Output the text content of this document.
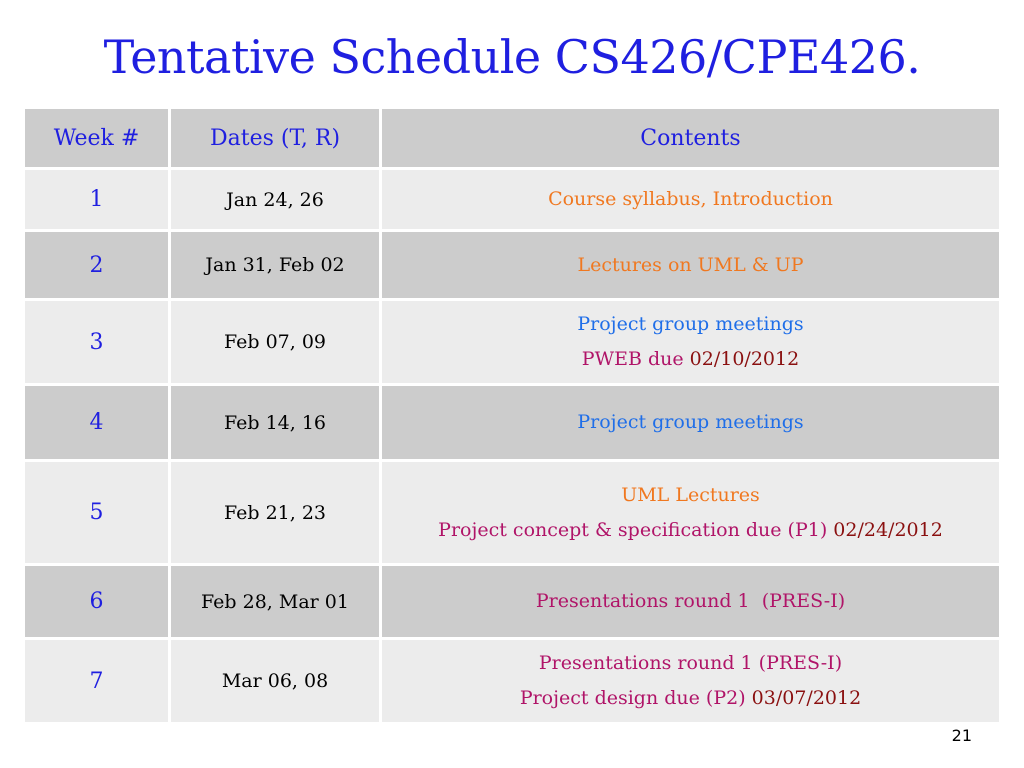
Tentative Schedule CS426/CPE426.
Week #	Dates (T, R)	Contents
1	Jan 24, 26	Course syllabus, Introduction

2	Jan 31, Feb 02	Lectures on UML & UP

3	Feb 07, 09	Project group meetings
PWEB due 02/10/2012

4	Feb 14, 16	Project group meetings

5	Feb 21, 23	UML Lectures
Project concept & specification due (P1) 02/24/2012

6	Feb 28, Mar 01	Presentations round 1  (PRES-I)

7	Mar 06, 08	Presentations round 1 (PRES-I)
Project design due (P2) 03/07/2012
21
